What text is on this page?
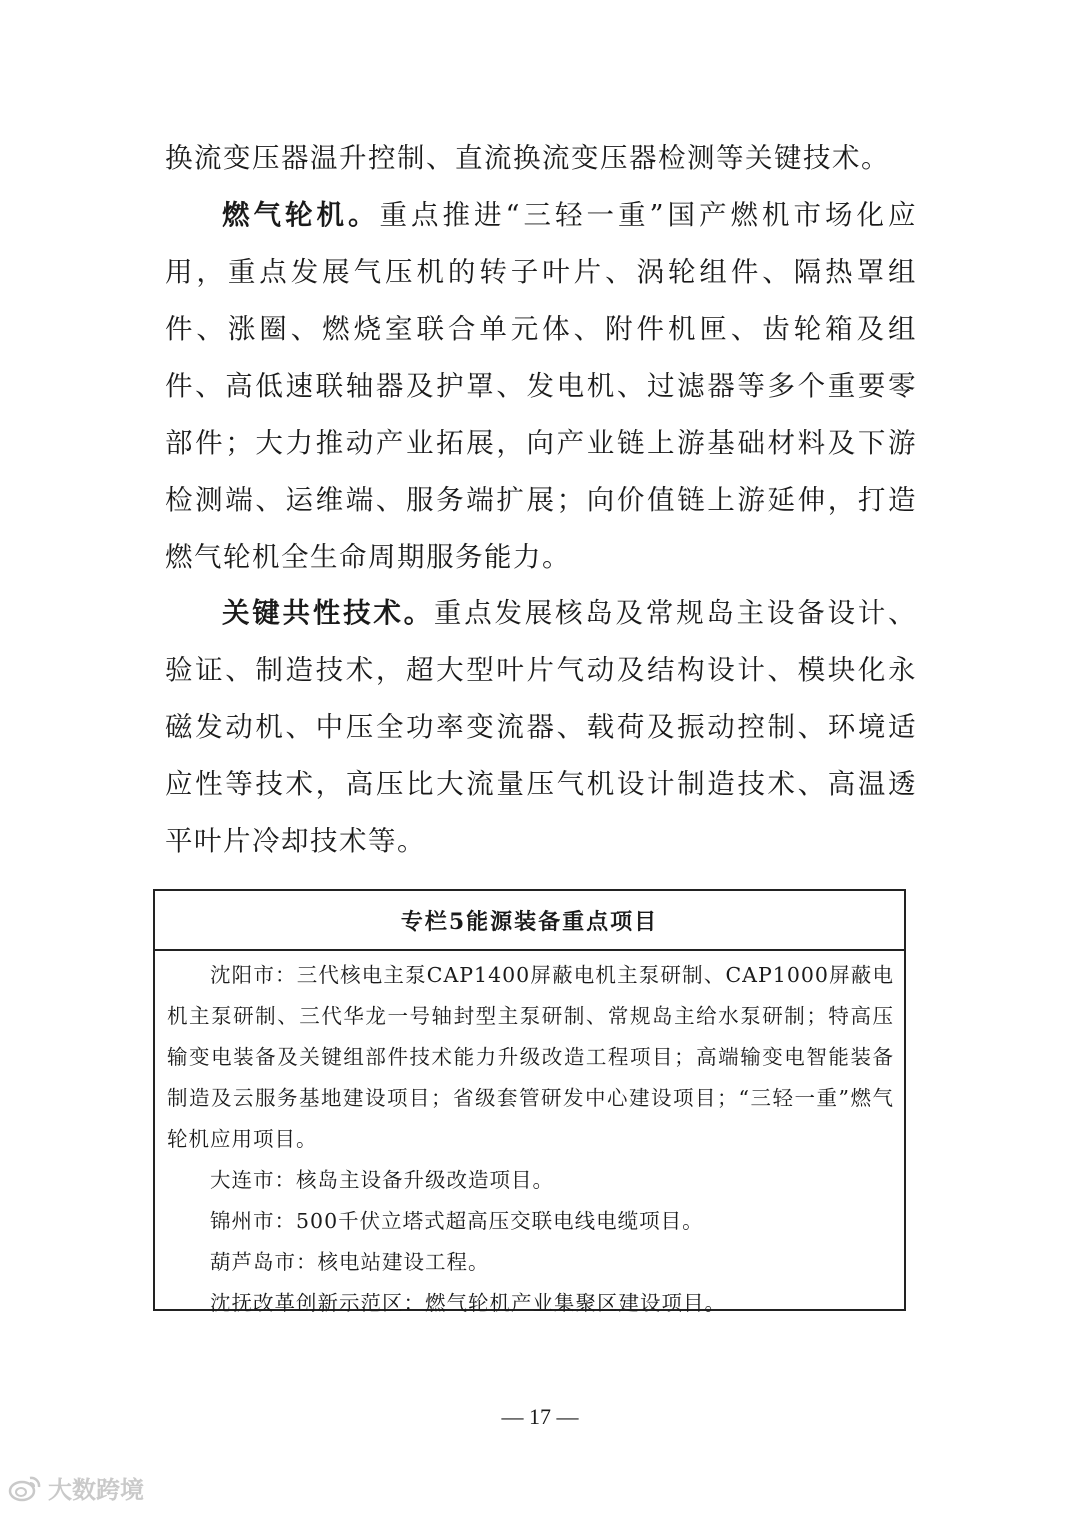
换流变压器温升控制、直流换流变压器检测等关键技术。

燃气轮机。重点推进“三轻一重”国产燃机市场化应用，重点发展气压机的转子叶片、涡轮组件、隔热罩组件、涨圈、燃烧室联合单元体、附件机匣、齿轮箱及组件、高低速联轴器及护罩、发电机、过滤器等多个重要零部件；大力推动产业拓展，向产业链上游基础材料及下游检测端、运维端、服务端扩展；向价值链上游延伸，打造燃气轮机全生命周期服务能力。

关键共性技术。重点发展核岛及常规岛主设备设计、验证、制造技术，超大型叶片气动及结构设计、模块化永磁发动机、中压全功率变流器、载荷及振动控制、环境适应性等技术，高压比大流量压气机设计制造技术、高温透平叶片冷却技术等。

专栏5能源装备重点项目

沈阳市：三代核电主泵CAP1400屏蔽电机主泵研制、CAP1000屏蔽电机主泵研制、三代华龙一号轴封型主泵研制、常规岛主给水泵研制；特高压输变电装备及关键组部件技术能力升级改造工程项目；高端输变电智能装备制造及云服务基地建设项目；省级套管研发中心建设项目；“三轻一重”燃气轮机应用项目。

大连市：核岛主设备升级改造项目。

锦州市：500千伏立塔式超高压交联电线电缆项目。

葫芦岛市：核电站建设工程。

沈抚改革创新示范区：燃气轮机产业集聚区建设项目。

— 17 —
大数跨境
